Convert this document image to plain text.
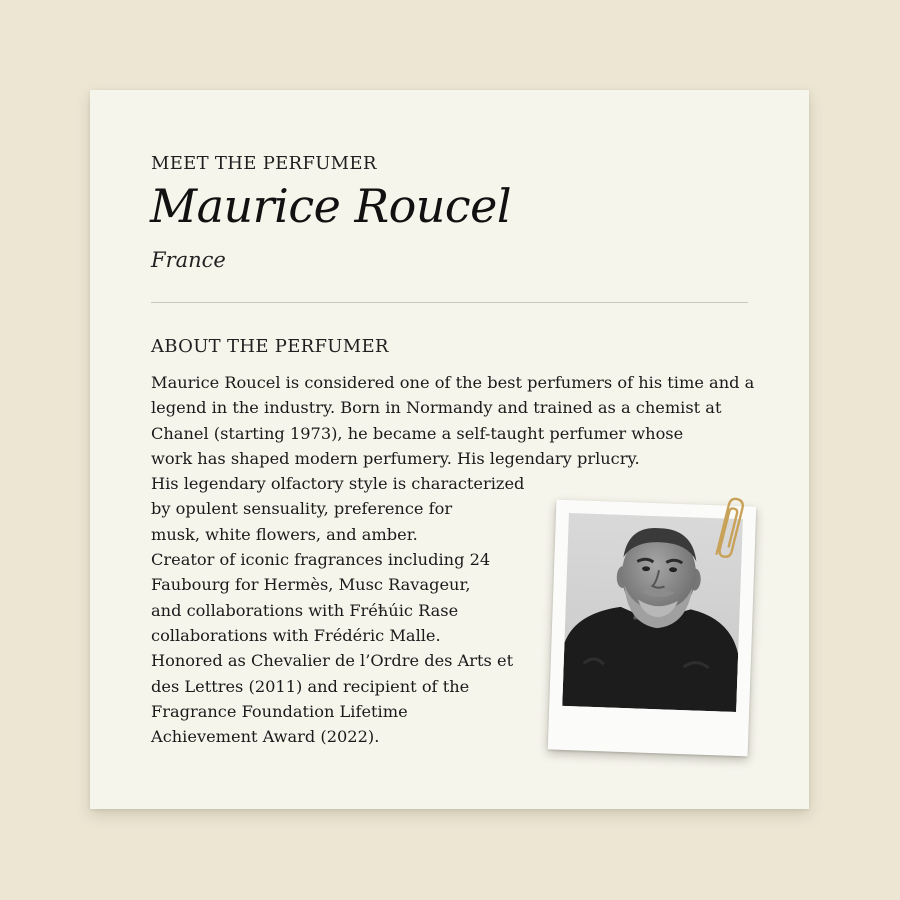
MEET THE PERFUMER
Maurice Roucel

France

ABOUT THE PERFUMER

Maurice Roucel is considered one of the best perfumers of his time and a
legend in the industry. Born in Normandy and trained as a chemist at
Chanel (starting 1973), he became a self-taught perfumer whose
work has shaped modern perfumery. His legendary prlucry.
His legendary olfactory style is characterized
by opulent sensuality, preference for
musk, white flowers, and amber.
Creator of iconic fragrances including 24
Faubourg for Hermès, Musc Ravageur,
and collaborations with Fréћúic Rase
collaborations with Frédéric Malle.
Honored as Chevalier de l’Ordre des Arts et
des Lettres (2011) and recipient of the
Fragrance Foundation Lifetime
Achievement Award (2022).
